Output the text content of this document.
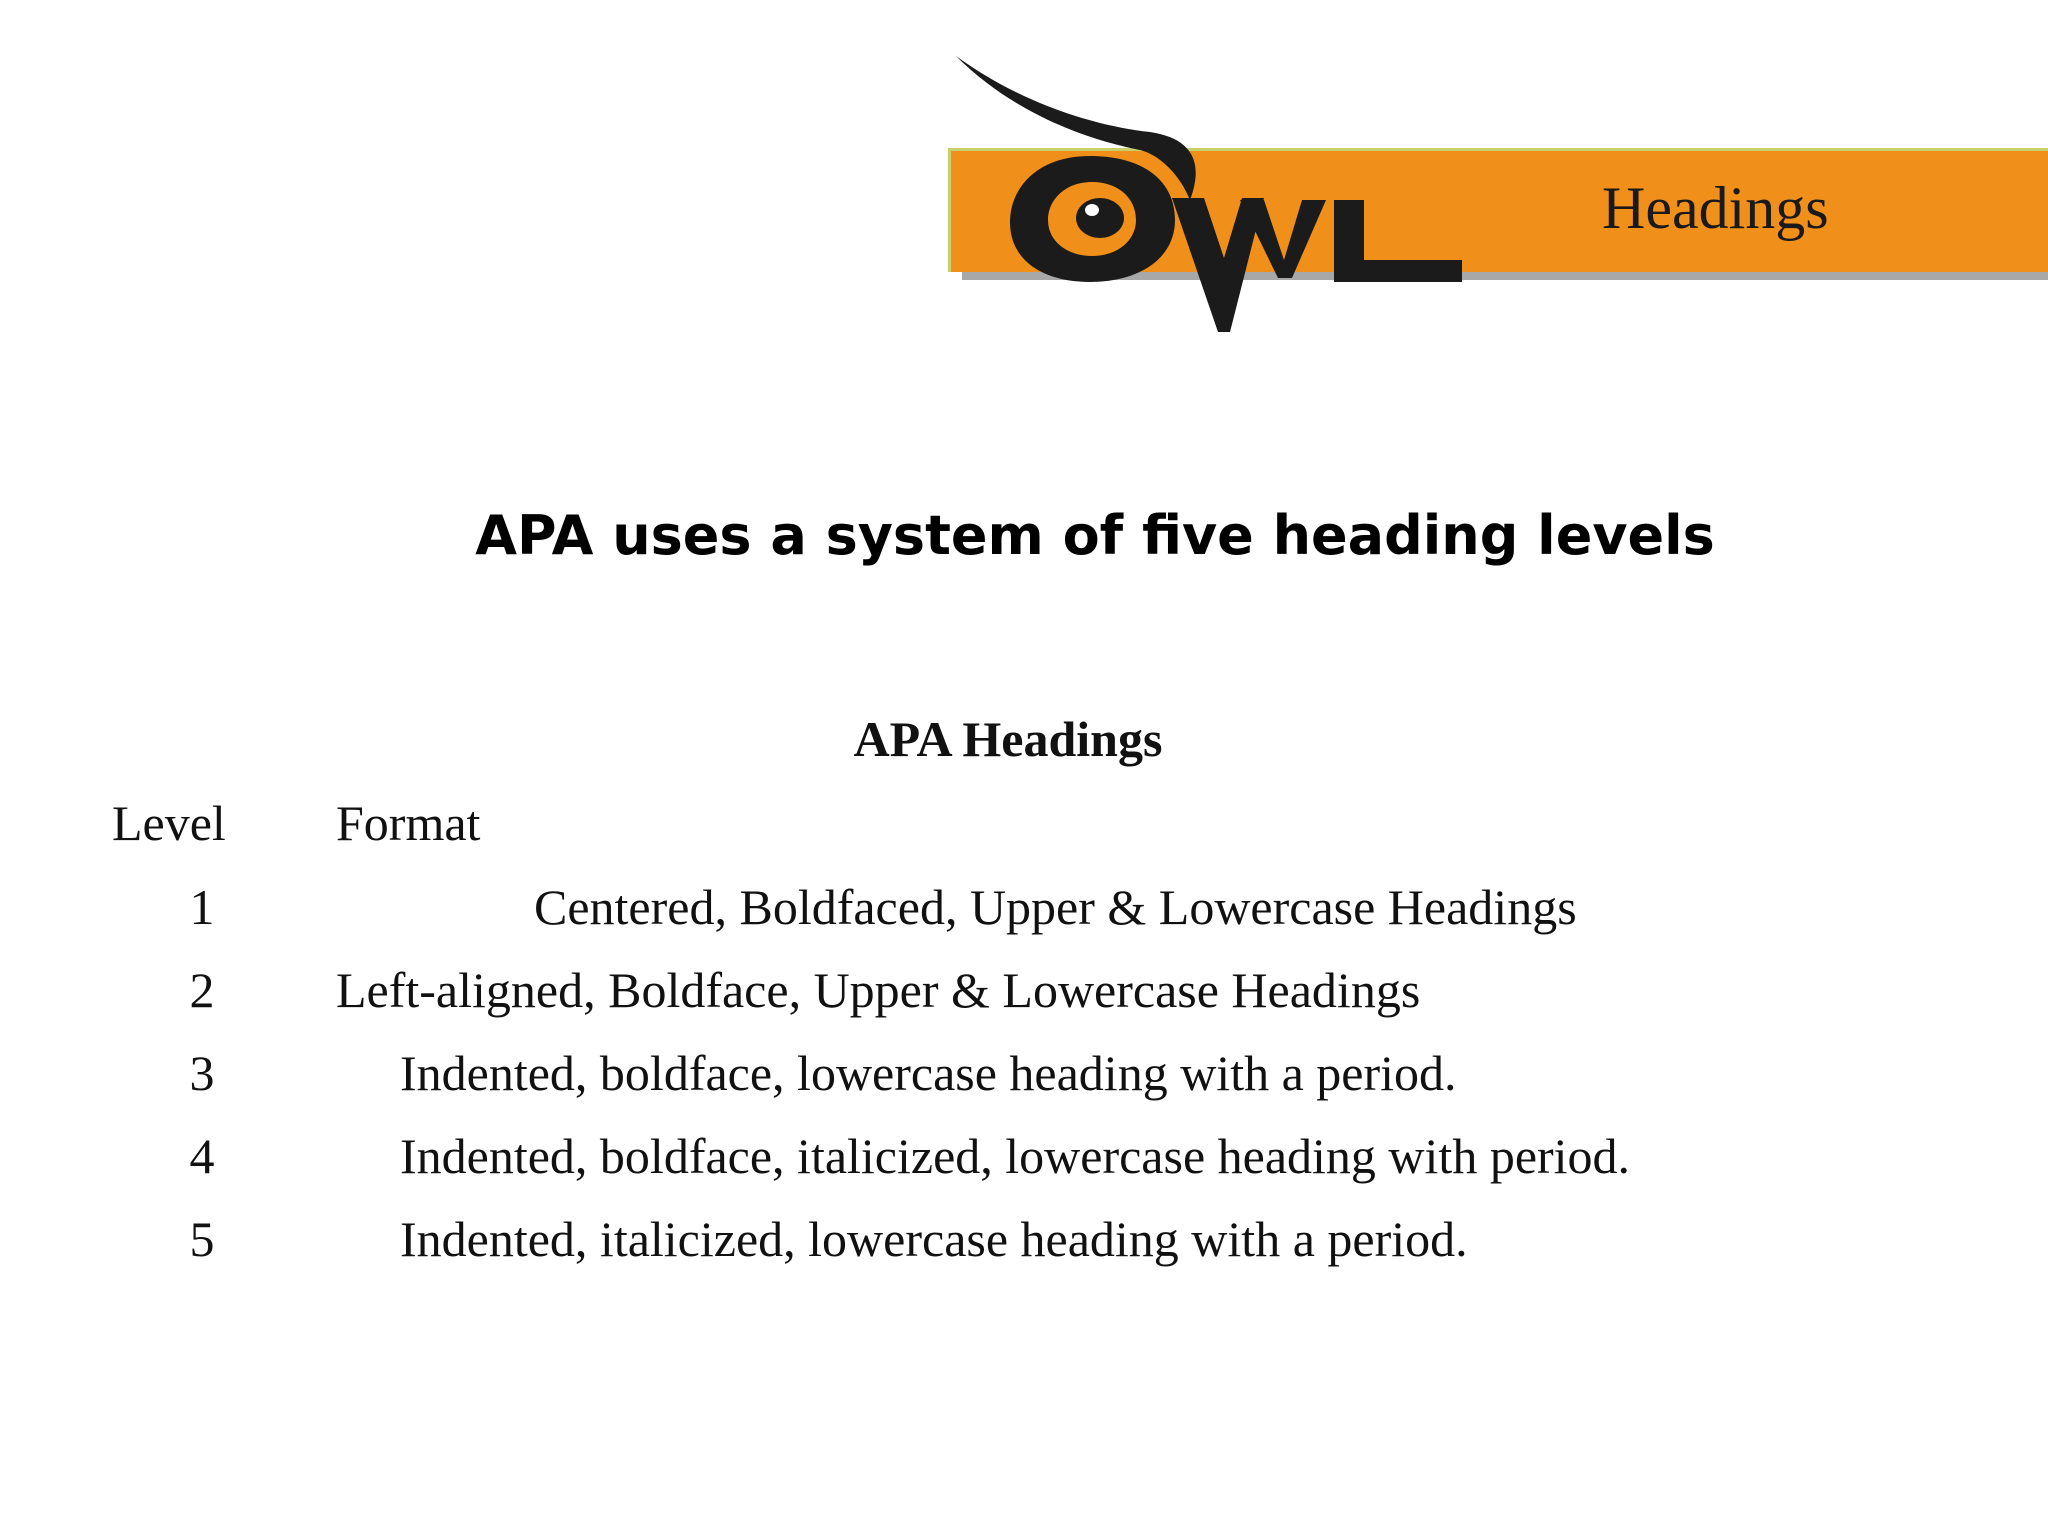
Headings
APA uses a system of five heading levels
APA Headings
Level Format
1	Centered, Boldfaced, Upper & Lowercase Headings
2 Left-aligned, Boldface, Upper & Lowercase Headings
3	Indented, boldface, lowercase heading with a period.
4	Indented, boldface, italicized, lowercase heading with period.
5	Indented, italicized, lowercase heading with a period.
